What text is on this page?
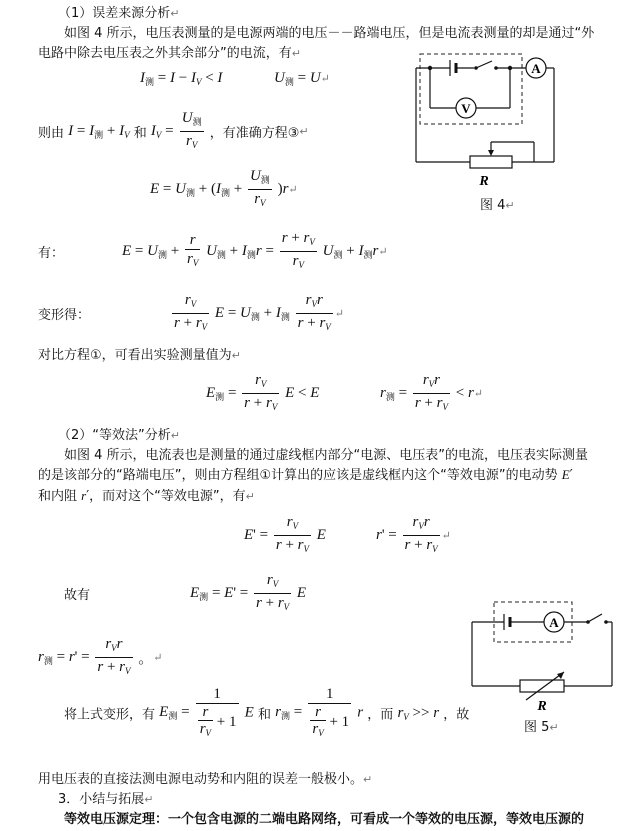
（1）误差来源分析↵
如图 4 所示，电压表测量的是电源两端的电压－－路端电压，但是电流表测量的却是通过“外
电路中除去电压表之外其余部分”的电流，有↵
$I_测 = I - I_V < I$	$U_测$ = U↵
则由 $I = I_测 + I_V$ 和 $I_V = \frac{U_测}{r_V}$ ，有准确方程③↵
$E = U_测 + (I_测 + \frac{U_测}{r_V}$ )r↵
有：	$E = U_测 + \frac{r}{r_V} U_测 + I_测r = \frac{r + r_V}{r_V} U_测$ + $I_测r↵$
变形得：	$\frac{r_V}{r + r_V}$ $E = U_测 + I_测 \frac{r_Vr}{r + r_V}$ ↵
对比方程①，可看出实验测量值为↵
$E_测 = \frac{r_V}{r + r_V}$ E < E	$r_测 = \frac{r_Vr}{r + r_V}$ < r↵
（2）“等效法”分析↵
如图 4 所示，电流表也是测量的通过虚线框内部分“电源、电压表”的电流，电压表实际测量
的是该部分的“路端电压”，则由方程组①计算出的应该是虚线框内这个“等效电源”的电动势 E′
和内阻 r′，而对这个“等效电源”，有↵
$E' = \frac{r_V}{r + r_V}$ E	$r' = \frac{r_Vr}{r + r_V}$ ↵
故有	$E_测 = E' = \frac{r_V}{r + r_V}$ E
$r_测 = r' = \frac{r_Vr}{r + r_V}$ 。↵
将上式变形，有 $E_测 = \frac{1}{\frac{r}{r_V} + 1}$ E 和 $r_测 = \frac{1}{\frac{r}{r_V} + 1}$ r ，而 $r_V >> r$ ，故
用电压表的直接法测电源电动势和内阻的误差一般极小。↵
3．小结与拓展↵
等效电压源定理：一个包含电源的二端电路网络，可看成一个等效的电压源，等效电压源的
A
V
R
图 4↵
A
R
图 5↵
